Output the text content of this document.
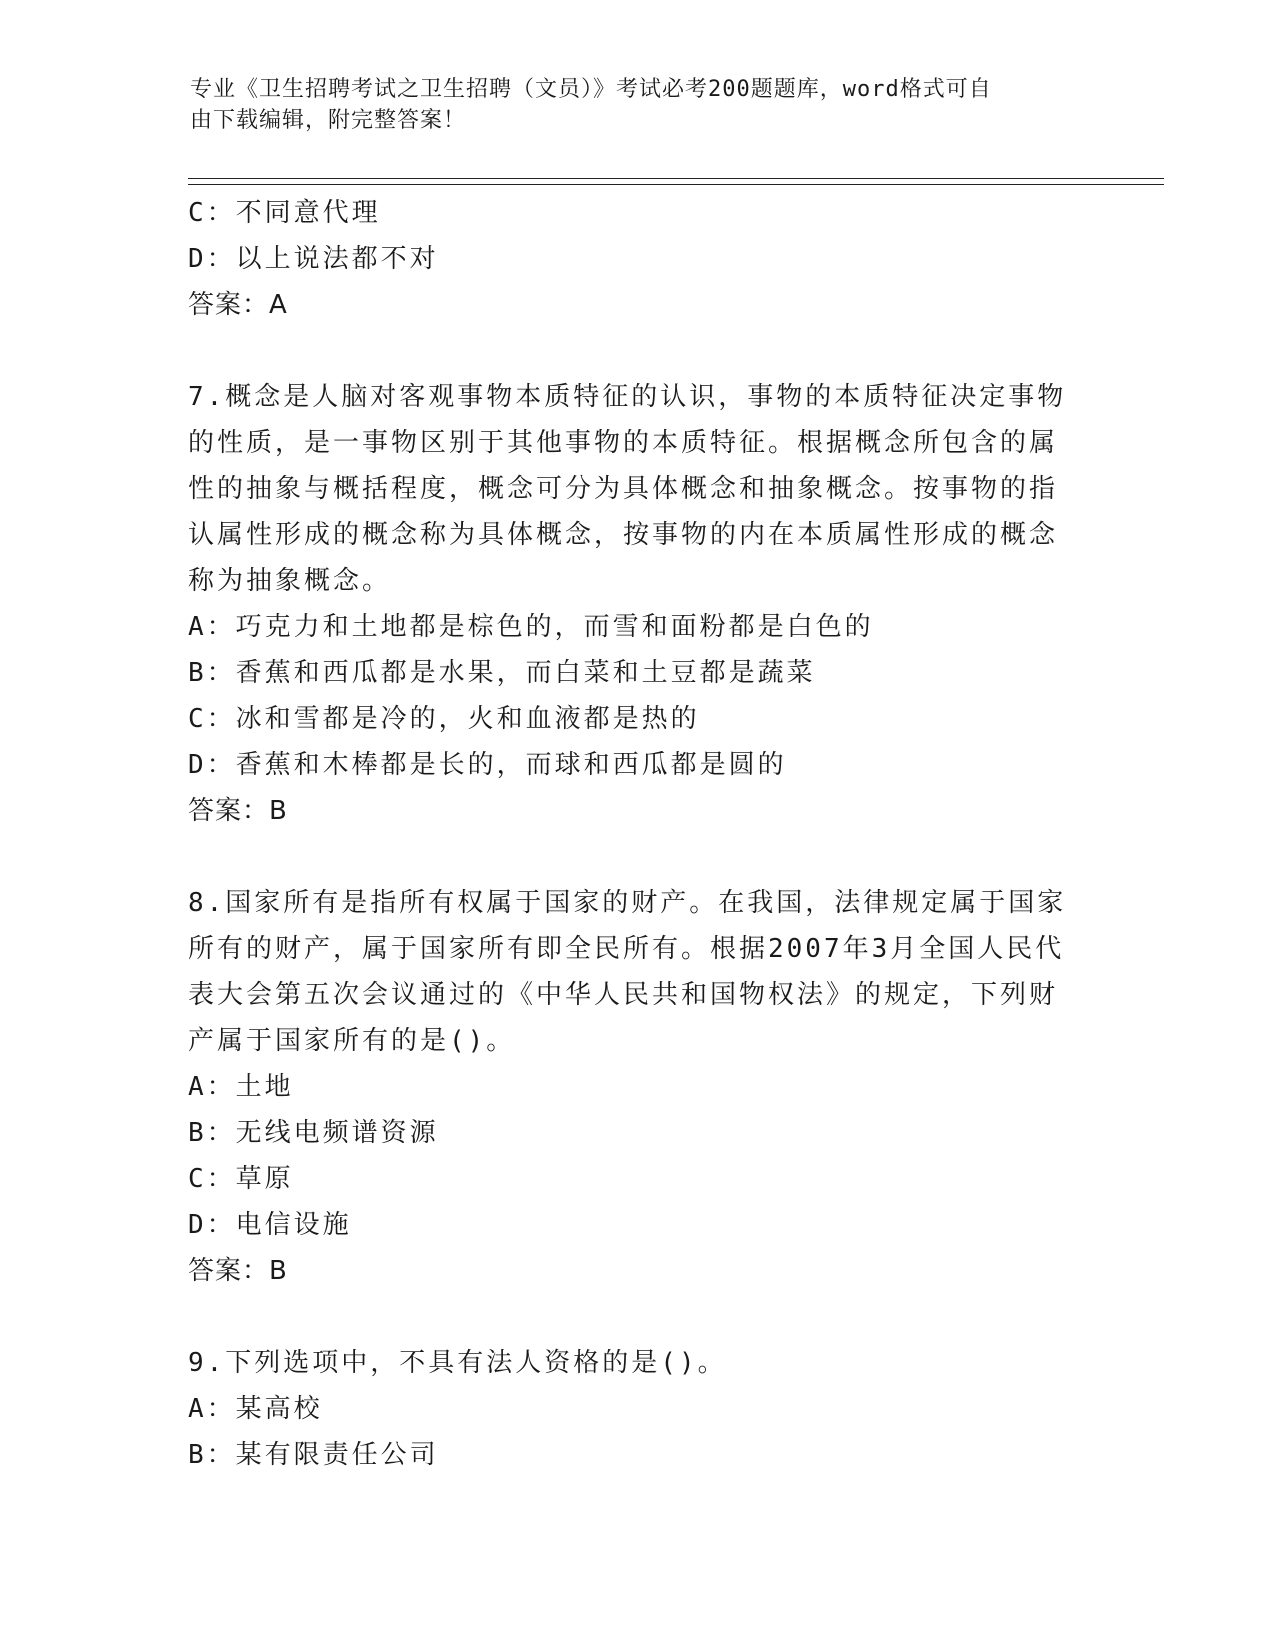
专业《卫生招聘考试之卫生招聘（文员）》考试必考200题题库，word格式可自
由下载编辑，附完整答案！
C：不同意代理
D：以上说法都不对
答案：A
7.概念是人脑对客观事物本质特征的认识，事物的本质特征决定事物
的性质，是一事物区别于其他事物的本质特征。根据概念所包含的属
性的抽象与概括程度，概念可分为具体概念和抽象概念。按事物的指
认属性形成的概念称为具体概念，按事物的内在本质属性形成的概念
称为抽象概念。
A：巧克力和土地都是棕色的，而雪和面粉都是白色的
B：香蕉和西瓜都是水果，而白菜和土豆都是蔬菜
C：冰和雪都是冷的，火和血液都是热的
D：香蕉和木棒都是长的，而球和西瓜都是圆的
答案：B
8.国家所有是指所有权属于国家的财产。在我国，法律规定属于国家
所有的财产，属于国家所有即全民所有。根据2007年3月全国人民代
表大会第五次会议通过的《中华人民共和国物权法》的规定，下列财
产属于国家所有的是()。
A：土地
B：无线电频谱资源
C：草原
D：电信设施
答案：B
9.下列选项中，不具有法人资格的是()。
A：某高校
B：某有限责任公司
